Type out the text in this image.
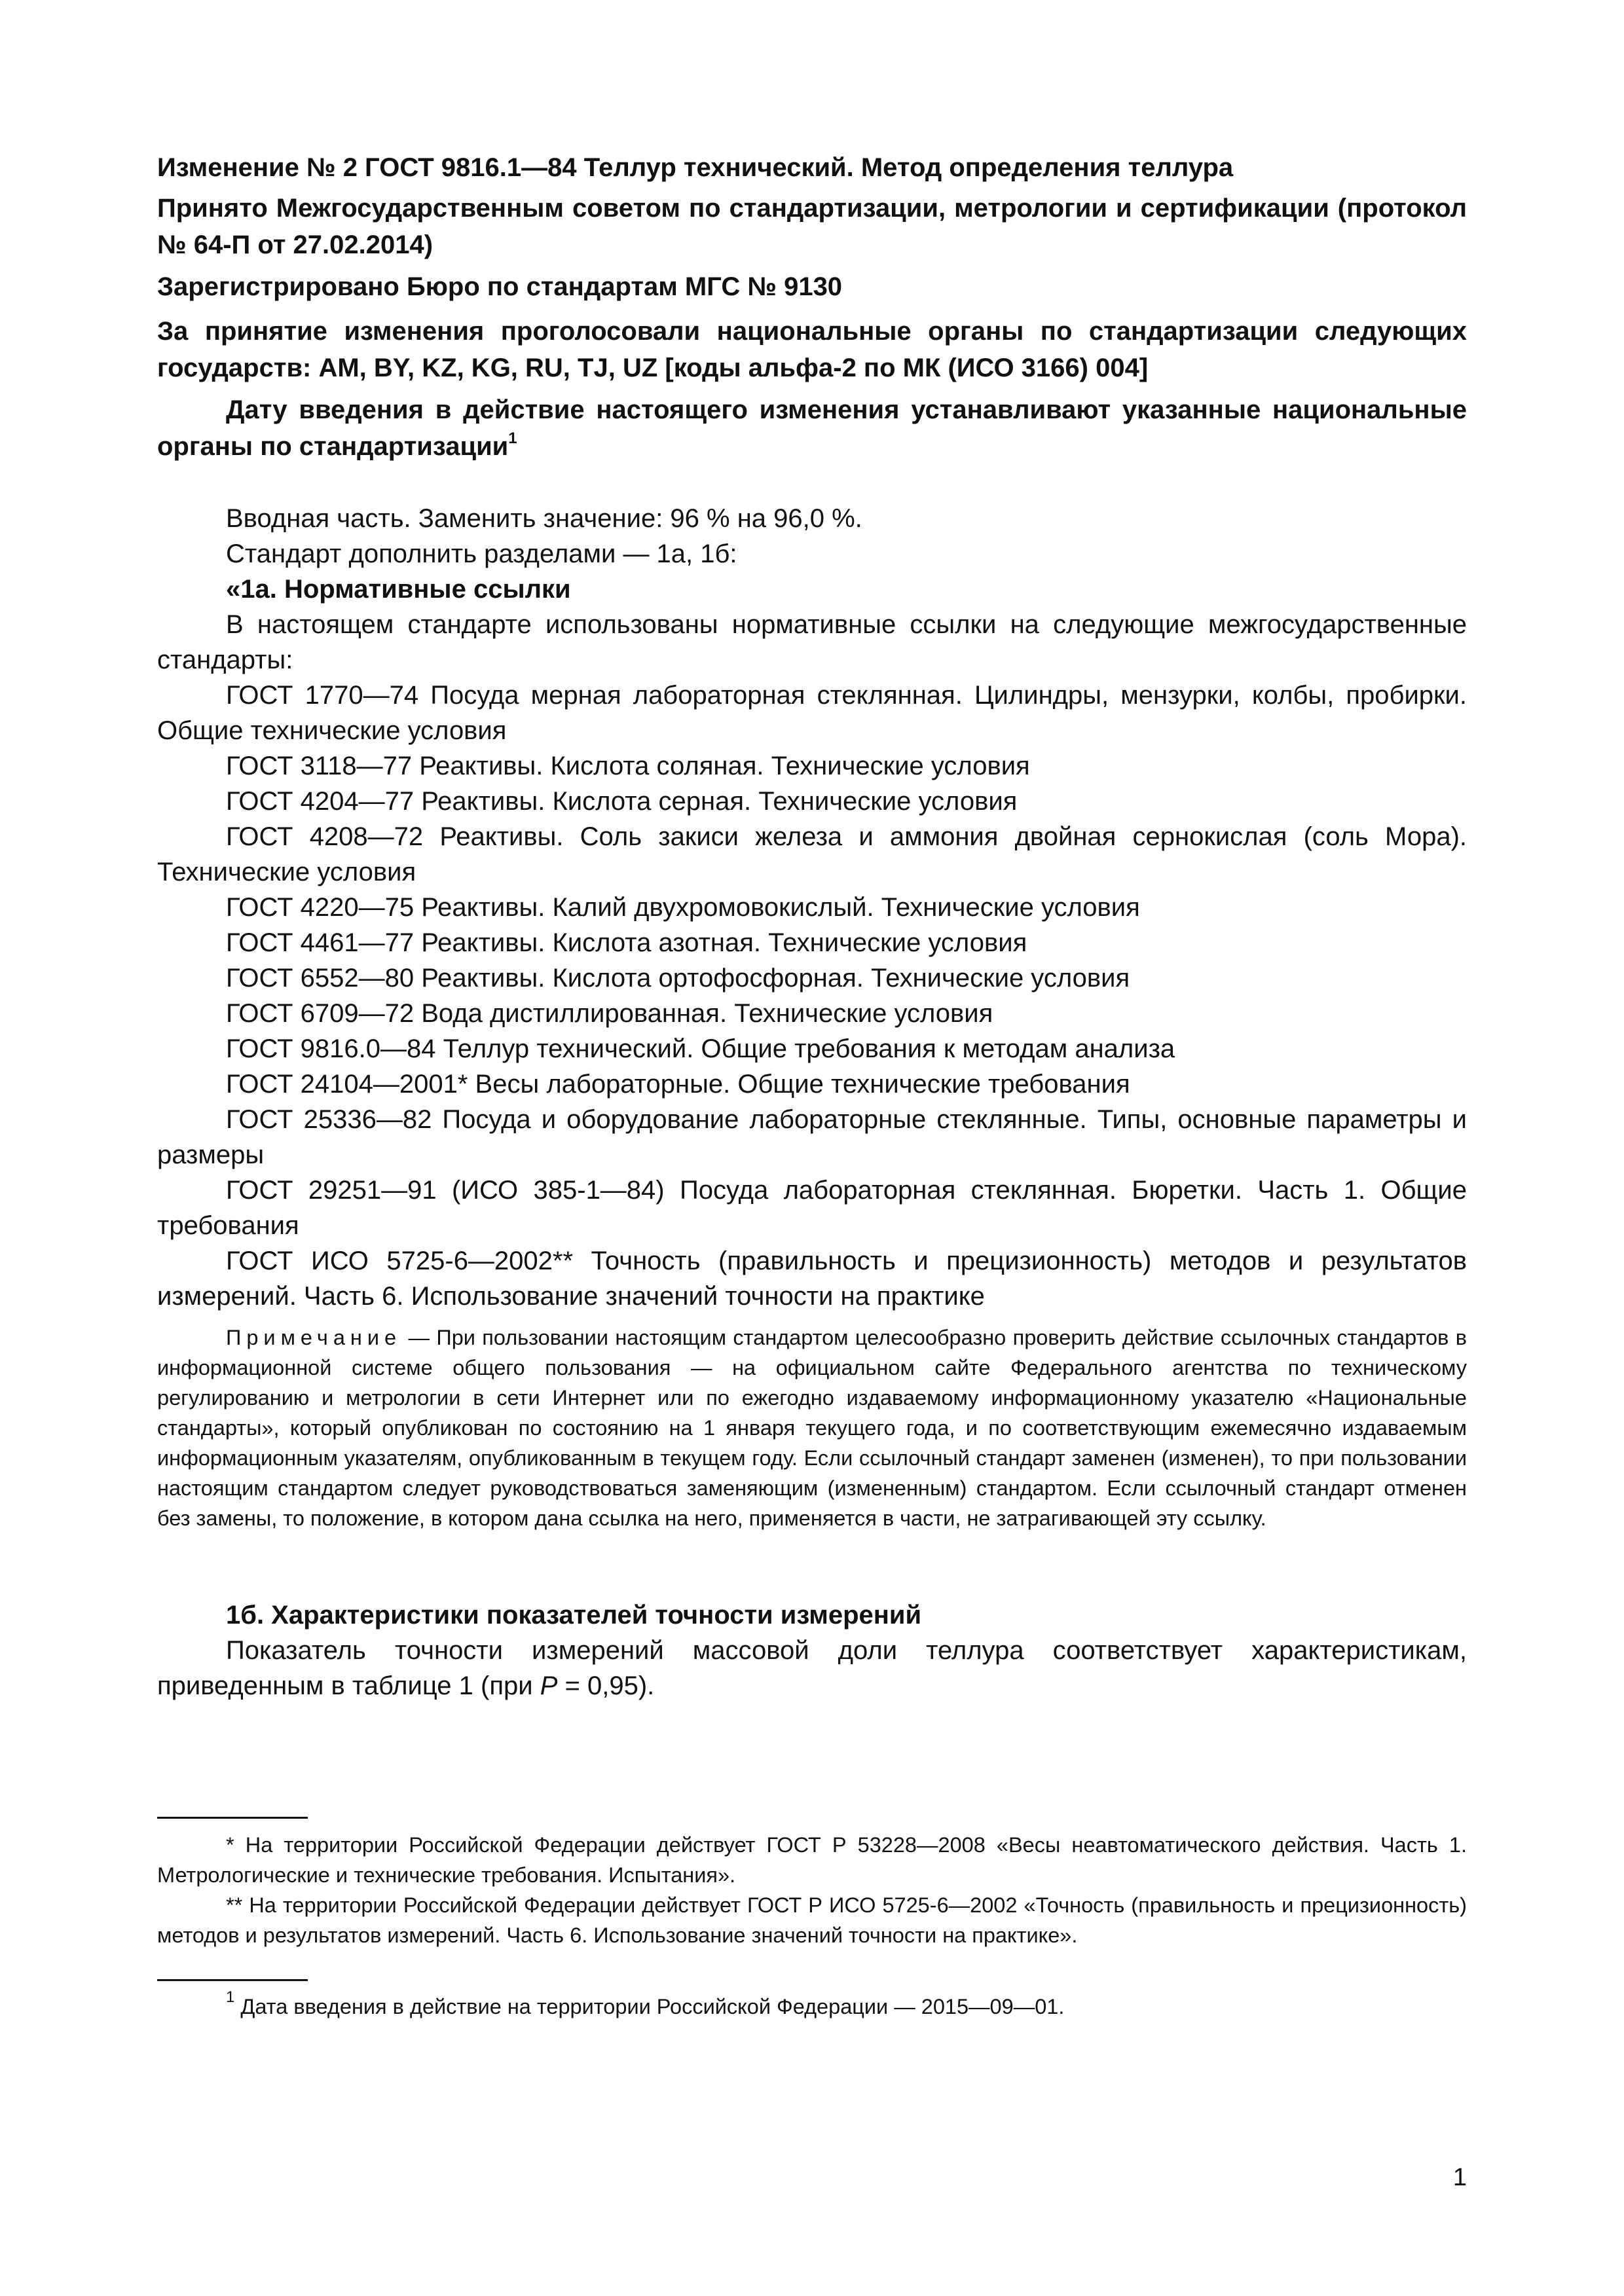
Изменение № 2 ГОСТ 9816.1—84 Теллур технический. Метод определения теллура

Принято Межгосударственным советом по стандартизации, метрологии и сертификации (протокол № 64-П от 27.02.2014)

Зарегистрировано Бюро по стандартам МГС № 9130

За принятие изменения проголосовали национальные органы по стандартизации следующих государств: AM, BY, KZ, KG, RU, TJ, UZ [коды альфа-2 по МК (ИСО 3166) 004]

Дату введения в действие настоящего изменения устанавливают указанные национальные органы по стандартизации$^1$

Вводная часть. Заменить значение: 96 % на 96,0 %.
Стандарт дополнить разделами — 1а, 1б:
«1а. Нормативные ссылки
В настоящем стандарте использованы нормативные ссылки на следующие межгосударственные стандарты:
ГОСТ 1770—74 Посуда мерная лабораторная стеклянная. Цилиндры, мензурки, колбы, пробирки. Общие технические условия
ГОСТ 3118—77 Реактивы. Кислота соляная. Технические условия
ГОСТ 4204—77 Реактивы. Кислота серная. Технические условия
ГОСТ 4208—72 Реактивы. Соль закиси железа и аммония двойная сернокислая (соль Мора). Технические условия
ГОСТ 4220—75 Реактивы. Калий двухромовокислый. Технические условия
ГОСТ 4461—77 Реактивы. Кислота азотная. Технические условия
ГОСТ 6552—80 Реактивы. Кислота ортофосфорная. Технические условия
ГОСТ 6709—72 Вода дистиллированная. Технические условия
ГОСТ 9816.0—84 Теллур технический. Общие требования к методам анализа
ГОСТ 24104—2001* Весы лабораторные. Общие технические требования
ГОСТ 25336—82 Посуда и оборудование лабораторные стеклянные. Типы, основные параметры и размеры
ГОСТ 29251—91 (ИСО 385-1—84) Посуда лабораторная стеклянная. Бюретки. Часть 1. Общие требования
ГОСТ ИСО 5725-6—2002** Точность (правильность и прецизионность) методов и результатов измерений. Часть 6. Использование значений точности на практике

Примечание — При пользовании настоящим стандартом целесообразно проверить действие ссылочных стандартов в информационной системе общего пользования — на официальном сайте Федерального агентства по техническому регулированию и метрологии в сети Интернет или по ежегодно издаваемому информационному указателю «Национальные стандарты», который опубликован по состоянию на 1 января текущего года, и по соответствующим ежемесячно издаваемым информационным указателям, опубликованным в текущем году. Если ссылочный стандарт заменен (изменен), то при пользовании настоящим стандартом следует руководствоваться заменяющим (измененным) стандартом. Если ссылочный стандарт отменен без замены, то положение, в котором дана ссылка на него, применяется в части, не затрагивающей эту ссылку.

1б. Характеристики показателей точности измерений
Показатель точности измерений массовой доли теллура соответствует характеристикам, приведенным в таблице 1 (при P = 0,95).

* На территории Российской Федерации действует ГОСТ Р 53228—2008 «Весы неавтоматического действия. Часть 1. Метрологические и технические требования. Испытания».

** На территории Российской Федерации действует ГОСТ Р ИСО 5725-6—2002 «Точность (правильность и прецизионность) методов и результатов измерений. Часть 6. Использование значений точности на практике».

$^1$ Дата введения в действие на территории Российской Федерации — 2015—09—01.

1
